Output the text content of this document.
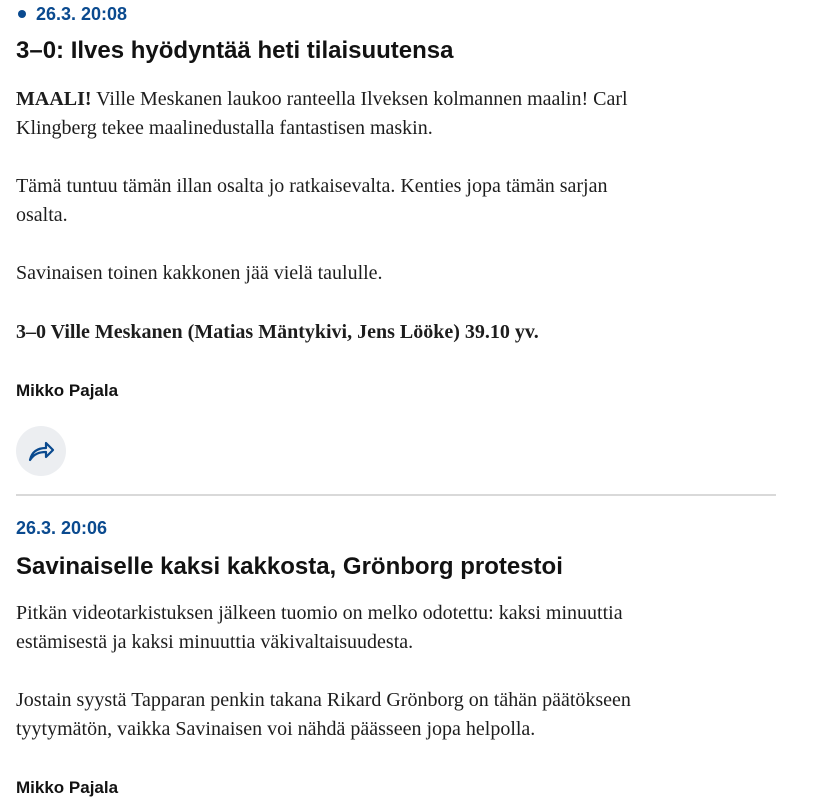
26.3. 20:08
3–0: Ilves hyödyntää heti tilaisuutensa

MAALI! Ville Meskanen laukoo ranteella Ilveksen kolmannen maalin! Carl

Klingberg tekee maalinedustalla fantastisen maskin.

Tämä tuntuu tämän illan osalta jo ratkaisevalta. Kenties jopa tämän sarjan

osalta.

Savinaisen toinen kakkonen jää vielä taululle.

3–0 Ville Meskanen (Matias Mäntykivi, Jens Lööke) 39.10 yv.
Mikko Pajala
26.3. 20:06
Savinaiselle kaksi kakkosta, Grönborg protestoi

Pitkän videotarkistuksen jälkeen tuomio on melko odotettu: kaksi minuuttia

estämisestä ja kaksi minuuttia väkivaltaisuudesta.

Jostain syystä Tapparan penkin takana Rikard Grönborg on tähän päätökseen

tyytymätön, vaikka Savinaisen voi nähdä päässeen jopa helpolla.

Mikko Pajala
